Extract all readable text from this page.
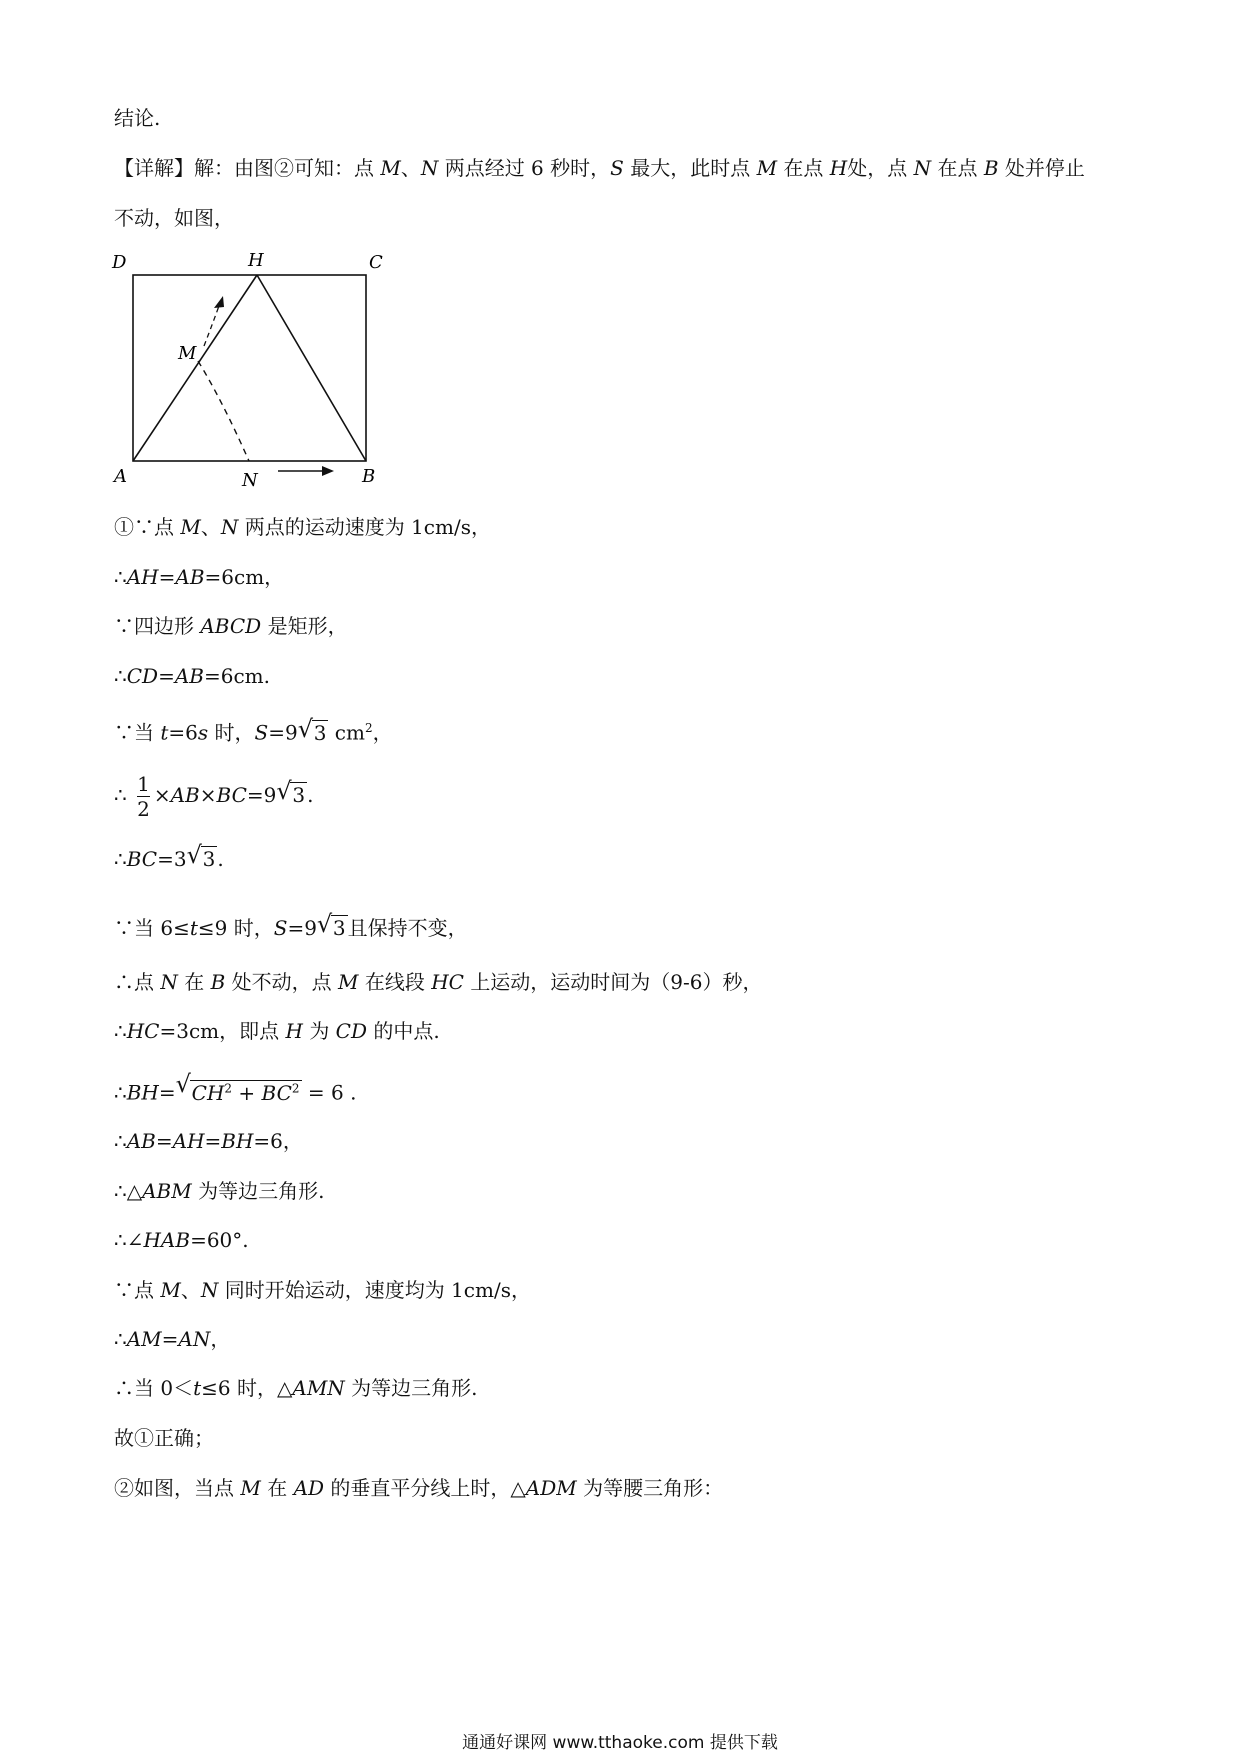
结论.
【详解】解：由图②可知：点 M、N 两点经过 6 秒时，S 最大，此时点 M 在点 H处，点 N 在点 B 处并停止
不动，如图，
D	H	C
M
A	N	B
①∵点 M、N 两点的运动速度为 1cm/s，
∴AH=AB=6cm，
∵四边形 ABCD 是矩形，
∴CD=AB=6cm.
∵当 t=6s 时，S=9 √ 3 $cm^2$，
∴ $\frac{1}{2} \times AB\times BC=9$ √ 3 .
∴BC=3 √ 3 .
∵当 6≤t≤9 时，S=9 √ 3 且保持不变，
∴点 N 在 B 处不动，点 M 在线段 HC 上运动，运动时间为（9-6）秒，
∴HC=3cm，即点 H 为 CD 的中点.
∴BH= √ $CH^2 + BC^2 = 6$ .
∴AB=AH=BH=6，
∴△ABM 为等边三角形.
∴∠HAB=60°.
∵点 M、N 同时开始运动，速度均为 1cm/s，
∴AM=AN，
∴当 0＜t≤6 时，△AMN 为等边三角形.
故①正确；
②如图，当点 M 在 AD 的垂直平分线上时，△ADM 为等腰三角形：
通通好课网 www.tthaoke.com 提供下载
